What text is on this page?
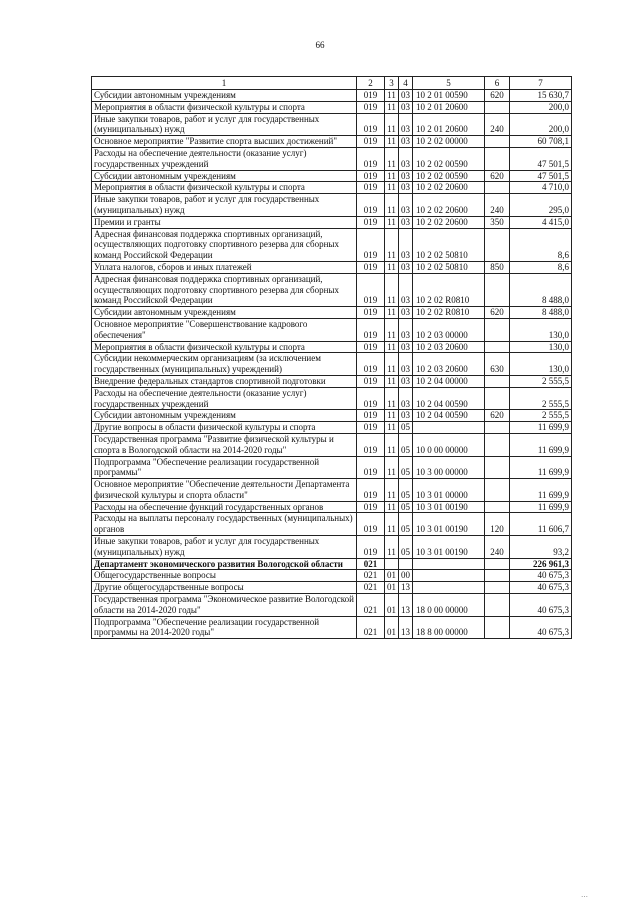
66
1	2	3	4	5	6	7
Субсидии автономным учреждениям	019	11	03	10 2 01 00590	620	15 630,7
Мероприятия в области физической культуры и спорта	019	11	03	10 2 01 20600		200,0
Иные закупки товаров, работ и услуг для государственных (муниципальных) нужд	019	11	03	10 2 01 20600	240	200,0
Основное мероприятие "Развитие спорта высших достижений"	019	11	03	10 2 02 00000		60 708,1
Расходы на обеспечение деятельности (оказание услуг) государственных учреждений	019	11	03	10 2 02 00590		47 501,5
Субсидии автономным учреждениям	019	11	03	10 2 02 00590	620	47 501,5
Мероприятия в области физической культуры и спорта	019	11	03	10 2 02 20600		4 710,0
Иные закупки товаров, работ и услуг для государственных (муниципальных) нужд	019	11	03	10 2 02 20600	240	295,0
Премии и гранты	019	11	03	10 2 02 20600	350	4 415,0
Адресная финансовая поддержка спортивных организаций, осуществляющих подготовку спортивного резерва для сборных команд Российской Федерации	019	11	03	10 2 02 50810		8,6
Уплата налогов, сборов и иных платежей	019	11	03	10 2 02 50810	850	8,6
Адресная финансовая поддержка спортивных организаций, осуществляющих подготовку спортивного резерва для сборных команд Российской Федерации	019	11	03	10 2 02 R0810		8 488,0
Субсидии автономным учреждениям	019	11	03	10 2 02 R0810	620	8 488,0
Основное мероприятие "Совершенствование кадрового обеспечения"	019	11	03	10 2 03 00000		130,0
Мероприятия в области физической культуры и спорта	019	11	03	10 2 03 20600		130,0
Субсидии некоммерческим организациям (за исключением государственных (муниципальных) учреждений)	019	11	03	10 2 03 20600	630	130,0
Внедрение федеральных стандартов спортивной подготовки	019	11	03	10 2 04 00000		2 555,5
Расходы на обеспечение деятельности (оказание услуг) государственных учреждений	019	11	03	10 2 04 00590		2 555,5
Субсидии автономным учреждениям	019	11	03	10 2 04 00590	620	2 555,5
Другие вопросы в области физической культуры и спорта	019	11	05			11 699,9
Государственная программа "Развитие физической культуры и спорта в Вологодской области на 2014-2020 годы"	019	11	05	10 0 00 00000		11 699,9
Подпрограмма "Обеспечение реализации государственной программы"	019	11	05	10 3 00 00000		11 699,9
Основное мероприятие "Обеспечение деятельности Департамента физической культуры и спорта области"	019	11	05	10 3 01 00000		11 699,9
Расходы на обеспечение функций государственных органов	019	11	05	10 3 01 00190		11 699,9
Расходы на выплаты персоналу государственных (муниципальных) органов	019	11	05	10 3 01 00190	120	11 606,7
Иные закупки товаров, работ и услуг для государственных (муниципальных) нужд	019	11	05	10 3 01 00190	240	93,2
Департамент экономического развития Вологодской области	021					226 961,3
Общегосударственные вопросы	021	01	00			40 675,3
Другие общегосударственные вопросы	021	01	13			40 675,3
Государственная программа "Экономическое развитие Вологодской области на 2014-2020 годы"	021	01	13	18 0 00 00000		40 675,3
Подпрограмма "Обеспечение реализации государственной программы на 2014-2020 годы"	021	01	13	18 8 00 00000		40 675,3
…
